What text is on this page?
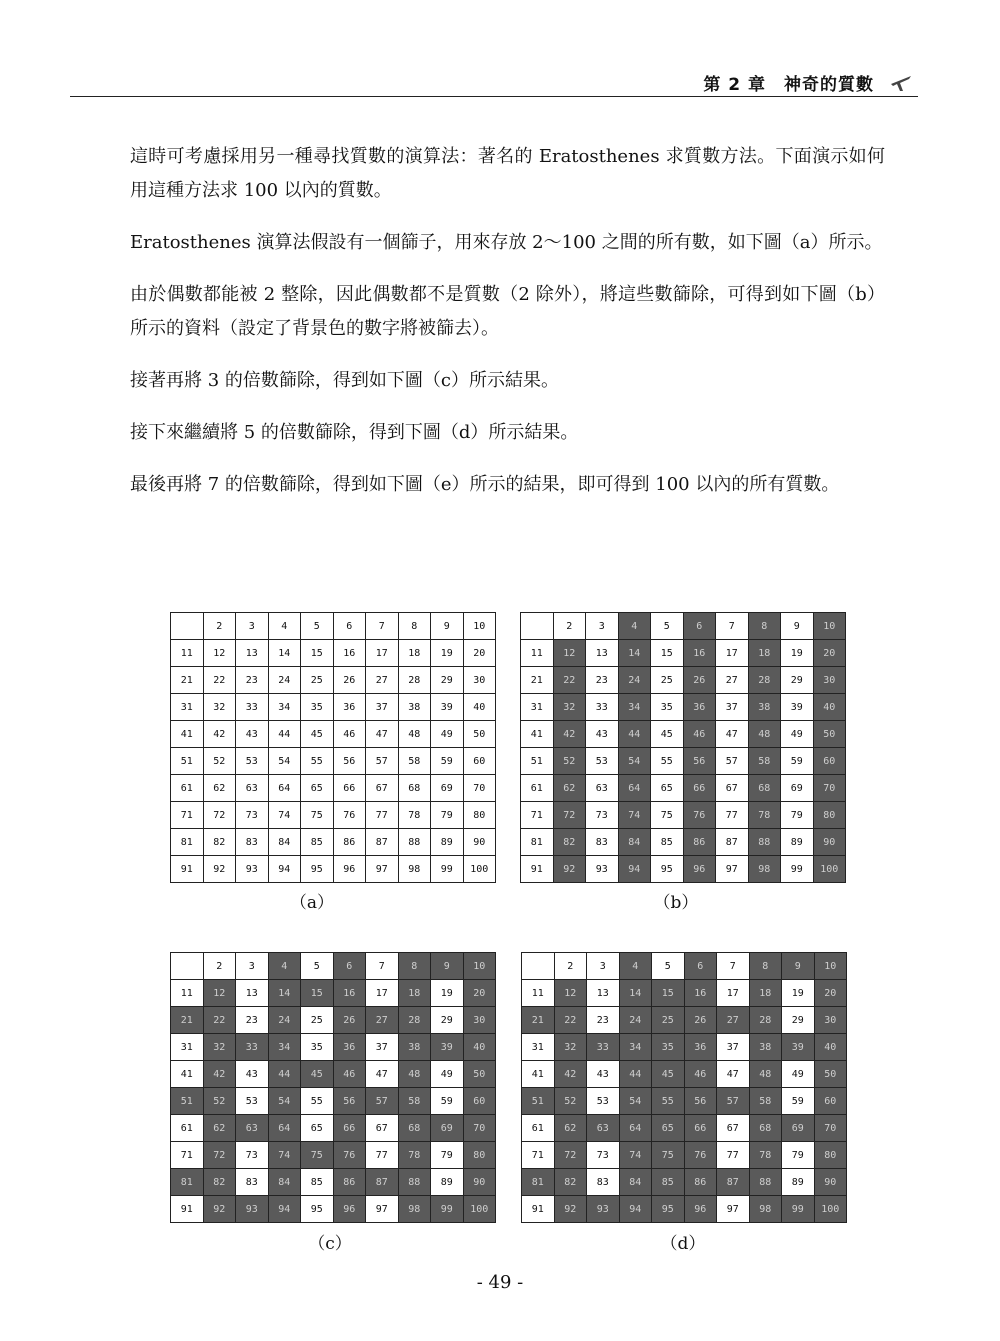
第 2 章　神奇的質數

這時可考慮採用另一種尋找質數的演算法：著名的 Eratosthenes 求質數方法。下面演示如何用這種方法求 100 以內的質數。

Eratosthenes 演算法假設有一個篩子，用來存放 2～100 之間的所有數，如下圖（a）所示。

由於偶數都能被 2 整除，因此偶數都不是質數（2 除外），將這些數篩除，可得到如下圖（b）所示的資料（設定了背景色的數字將被篩去）。

接著再將 3 的倍數篩除，得到如下圖（c）所示結果。

接下來繼續將 5 的倍數篩除，得到下圖（d）所示結果。

最後再將 7 的倍數篩除，得到如下圖（e）所示的結果，即可得到 100 以內的所有質數。

	2	3	4	5	6	7	8	9	10
11	12	13	14	15	16	17	18	19	20
21	22	23	24	25	26	27	28	29	30
31	32	33	34	35	36	37	38	39	40
41	42	43	44	45	46	47	48	49	50
51	52	53	54	55	56	57	58	59	60
61	62	63	64	65	66	67	68	69	70
71	72	73	74	75	76	77	78	79	80
81	82	83	84	85	86	87	88	89	90
91	92	93	94	95	96	97	98	99	100
（a）
	2	3	4	5	6	7	8	9	10
11	12	13	14	15	16	17	18	19	20
21	22	23	24	25	26	27	28	29	30
31	32	33	34	35	36	37	38	39	40
41	42	43	44	45	46	47	48	49	50
51	52	53	54	55	56	57	58	59	60
61	62	63	64	65	66	67	68	69	70
71	72	73	74	75	76	77	78	79	80
81	82	83	84	85	86	87	88	89	90
91	92	93	94	95	96	97	98	99	100
（b）
	2	3	4	5	6	7	8	9	10
11	12	13	14	15	16	17	18	19	20
21	22	23	24	25	26	27	28	29	30
31	32	33	34	35	36	37	38	39	40
41	42	43	44	45	46	47	48	49	50
51	52	53	54	55	56	57	58	59	60
61	62	63	64	65	66	67	68	69	70
71	72	73	74	75	76	77	78	79	80
81	82	83	84	85	86	87	88	89	90
91	92	93	94	95	96	97	98	99	100
（c）
	2	3	4	5	6	7	8	9	10
11	12	13	14	15	16	17	18	19	20
21	22	23	24	25	26	27	28	29	30
31	32	33	34	35	36	37	38	39	40
41	42	43	44	45	46	47	48	49	50
51	52	53	54	55	56	57	58	59	60
61	62	63	64	65	66	67	68	69	70
71	72	73	74	75	76	77	78	79	80
81	82	83	84	85	86	87	88	89	90
91	92	93	94	95	96	97	98	99	100
（d）
- 49 -
